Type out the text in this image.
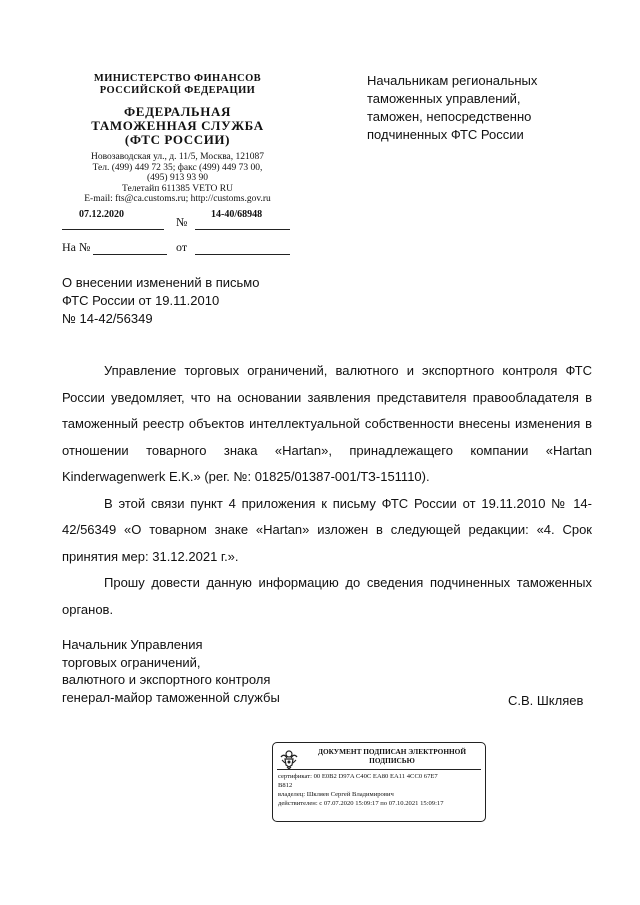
МИНИСТЕРСТВО ФИНАНСОВ
РОССИЙСКОЙ ФЕДЕРАЦИИ
ФЕДЕРАЛЬНАЯ
ТАМОЖЕННАЯ СЛУЖБА
(ФТС РОССИИ)
Новозаводская ул., д. 11/5, Москва, 121087
Тел. (499) 449 72 35; факс (499) 449 73 00,
(495) 913 93 90
Телетайп 611385 VETO RU
E-mail: fts@ca.customs.ru; http://customs.gov.ru
07.12.2020
№
14-40/68948
На №	от
Начальникам региональных
таможенных управлений,
таможен, непосредственно
подчиненных ФТС России
О внесении изменений в письмо
ФТС России от 19.11.2010
№ 14-42/56349

Управление торговых ограничений, валютного и экспортного контроля ФТС России уведомляет, что на основании заявления представителя правообладателя в таможенный реестр объектов интеллектуальной собственности внесены изменения в отношении товарного знака «Hartan», принадлежащего компании «Hartan Kinderwagenwerk E.K.» (рег. №: 01825/01387-001/ТЗ-151110).

В этой связи пункт 4 приложения к письму ФТС России от 19.11.2010 № 14-42/56349 «О товарном знаке «Hartan» изложен в следующей редакции: «4. Срок принятия мер: 31.12.2021 г.».

Прошу довести данную информацию до сведения подчиненных таможенных органов.

Начальник Управления
торговых ограничений,
валютного и экспортного контроля
генерал-майор таможенной службы	С.В. Шкляев
ДОКУМЕНТ ПОДПИСАН ЭЛЕКТРОННОЙ
ПОДПИСЬЮ
сертификат: 00 E0B2 D97A C40C EA80 EA11 4CC0 67E7
B812
владелец: Шкляев Сергей Владимирович
действителен: с 07.07.2020 15:09:17 по 07.10.2021 15:09:17
